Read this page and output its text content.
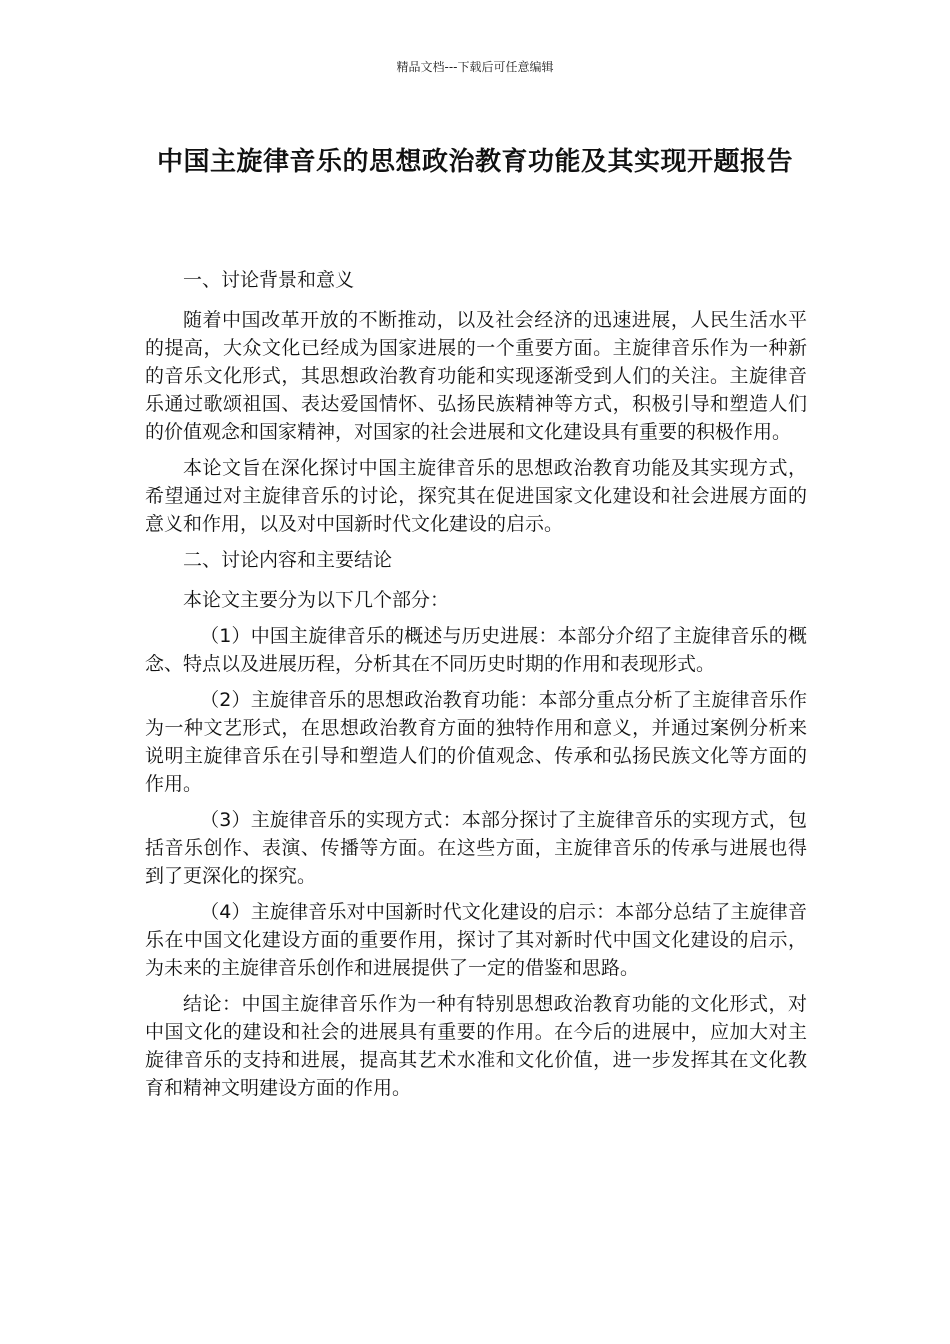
精品文档---下载后可任意编辑
中国主旋律音乐的思想政治教育功能及其实现开题报告

一、讨论背景和意义

随着中国改革开放的不断推动，以及社会经济的迅速进展，人民生活水平的提高，大众文化已经成为国家进展的一个重要方面。主旋律音乐作为一种新的音乐文化形式，其思想政治教育功能和实现逐渐受到人们的关注。主旋律音乐通过歌颂祖国、表达爱国情怀、弘扬民族精神等方式，积极引导和塑造人们的价值观念和国家精神，对国家的社会进展和文化建设具有重要的积极作用。

本论文旨在深化探讨中国主旋律音乐的思想政治教育功能及其实现方式，希望通过对主旋律音乐的讨论，探究其在促进国家文化建设和社会进展方面的意义和作用，以及对中国新时代文化建设的启示。

二、讨论内容和主要结论

本论文主要分为以下几个部分：

（1）中国主旋律音乐的概述与历史进展：本部分介绍了主旋律音乐的概念、特点以及进展历程，分析其在不同历史时期的作用和表现形式。

（2）主旋律音乐的思想政治教育功能：本部分重点分析了主旋律音乐作为一种文艺形式，在思想政治教育方面的独特作用和意义，并通过案例分析来说明主旋律音乐在引导和塑造人们的价值观念、传承和弘扬民族文化等方面的作用。

（3）主旋律音乐的实现方式：本部分探讨了主旋律音乐的实现方式，包括音乐创作、表演、传播等方面。在这些方面，主旋律音乐的传承与进展也得到了更深化的探究。

（4）主旋律音乐对中国新时代文化建设的启示：本部分总结了主旋律音乐在中国文化建设方面的重要作用，探讨了其对新时代中国文化建设的启示，为未来的主旋律音乐创作和进展提供了一定的借鉴和思路。

结论：中国主旋律音乐作为一种有特别思想政治教育功能的文化形式，对中国文化的建设和社会的进展具有重要的作用。在今后的进展中，应加大对主旋律音乐的支持和进展，提高其艺术水准和文化价值，进一步发挥其在文化教育和精神文明建设方面的作用。
